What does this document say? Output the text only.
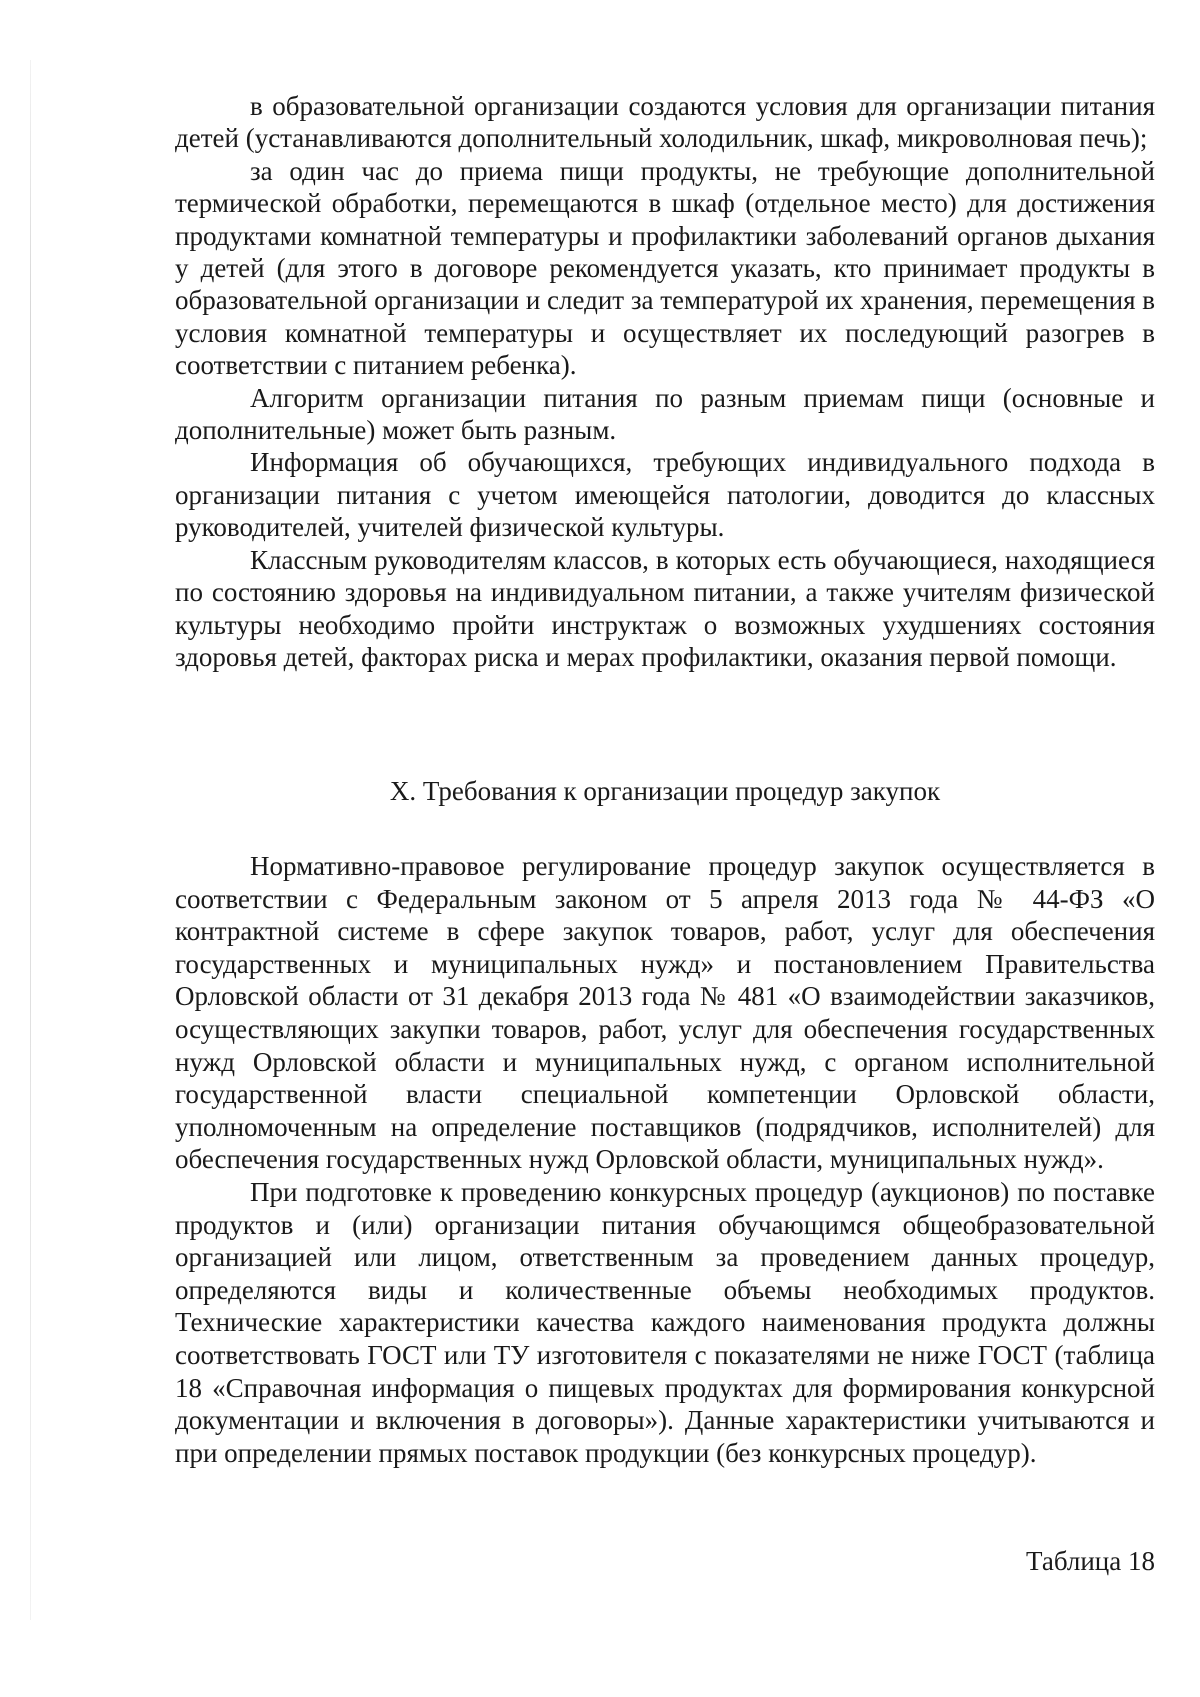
в образовательной организации создаются условия для организации питания детей (устанавливаются дополнительный холодильник, шкаф, микроволновая печь);

за один час до приема пищи продукты, не требующие дополнительной термической обработки, перемещаются в шкаф (отдельное место) для достижения продуктами комнатной температуры и профилактики заболеваний органов дыхания у детей (для этого в договоре рекомендуется указать, кто принимает продукты в образовательной организации и следит за температурой их хранения, перемещения в условия комнатной температуры и осуществляет их последующий разогрев в соответствии с питанием ребенка).

Алгоритм организации питания по разным приемам пищи (основные и дополнительные) может быть разным.

Информация об обучающихся, требующих индивидуального подхода в организации питания с учетом имеющейся патологии, доводится до классных руководителей, учителей физической культуры.

Классным руководителям классов, в которых есть обучающиеся, находящиеся по состоянию здоровья на индивидуальном питании, а также учителям физической культуры необходимо пройти инструктаж о возможных ухудшениях состояния здоровья детей, факторах риска и мерах профилактики, оказания первой помощи.

X. Требования к организации процедур закупок

Нормативно-правовое регулирование процедур закупок осуществляется в соответствии с Федеральным законом от 5 апреля 2013 года № 44-ФЗ «О контрактной системе в сфере закупок товаров, работ, услуг для обеспечения государственных и муниципальных нужд» и постановлением Правительства Орловской области от 31 декабря 2013 года № 481 «О взаимодействии заказчиков, осуществляющих закупки товаров, работ, услуг для обеспечения государственных нужд Орловской области и муниципальных нужд, с органом исполнительной государственной власти специальной компетенции Орловской области, уполномоченным на определение поставщиков (подрядчиков, исполнителей) для обеспечения государственных нужд Орловской области, муниципальных нужд».

При подготовке к проведению конкурсных процедур (аукционов) по поставке продуктов и (или) организации питания обучающимся общеобразовательной организацией или лицом, ответственным за проведением данных процедур, определяются виды и количественные объемы необходимых продуктов. Технические характеристики качества каждого наименования продукта должны соответствовать ГОСТ или ТУ изготовителя с показателями не ниже ГОСТ (таблица 18 «Справочная информация о пищевых продуктах для формирования конкурсной документации и включения в договоры»). Данные характеристики учитываются и при определении прямых поставок продукции (без конкурсных процедур).

Таблица 18
